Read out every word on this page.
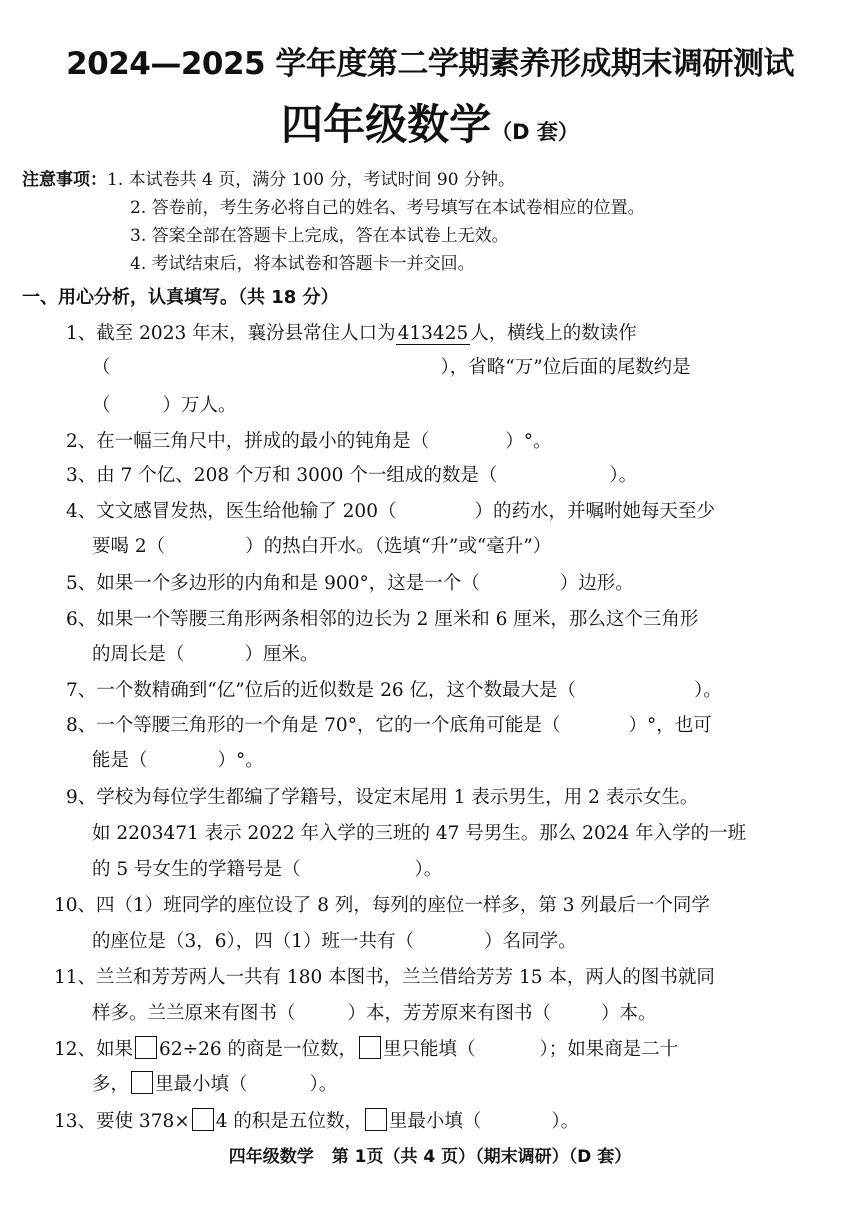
2024—2025 学年度第二学期素养形成期末调研测试
四年级数学（D 套）
注意事项：1. 本试卷共 4 页，满分 100 分，考试时间 90 分钟。
2. 答卷前，考生务必将自己的姓名、考号填写在本试卷相应的位置。
3. 答案全部在答题卡上完成，答在本试卷上无效。
4. 考试结束后，将本试卷和答题卡一并交回。
一、用心分析，认真填写。（共 18 分）
1、截至 2023 年末，襄汾县常住人口为 413425 人，横线上的数读作
（	），省略“万”位后面的尾数约是
（	）万人。
2、在一幅三角尺中，拼成的最小的钝角是（	）°。
3、由 7 个亿、208 个万和 3000 个一组成的数是（	）。
4、文文感冒发热，医生给他输了 200（	）的药水，并嘱咐她每天至少
要喝 2（	）的热白开水。（选填“升”或“毫升”）
5、如果一个多边形的内角和是 900°，这是一个（	）边形。
6、如果一个等腰三角形两条相邻的边长为 2 厘米和 6 厘米，那么这个三角形
的周长是（	）厘米。
7、一个数精确到“亿”位后的近似数是 26 亿，这个数最大是（	）。
8、一个等腰三角形的一个角是 70°，它的一个底角可能是（	）°，也可
能是（	）°。
9、学校为每位学生都编了学籍号，设定末尾用 1 表示男生，用 2 表示女生。
如 2203471 表示 2022 年入学的三班的 47 号男生。那么 2024 年入学的一班
的 5 号女生的学籍号是（	）。
10、四（1）班同学的座位设了 8 列，每列的座位一样多，第 3 列最后一个同学
的座位是（3，6），四（1）班一共有（	）名同学。
11、兰兰和芳芳两人一共有 180 本图书，兰兰借给芳芳 15 本，两人的图书就同
样多。兰兰原来有图书（	）本，芳芳原来有图书（	）本。
12、如果 62÷26 的商是一位数， 里只能填（	）；如果商是二十
多， 里最小填（	）。
13、要使 378× 4 的积是五位数， 里最小填（	）。
四年级数学 第 1页（共 4 页）（期末调研）（D 套）
